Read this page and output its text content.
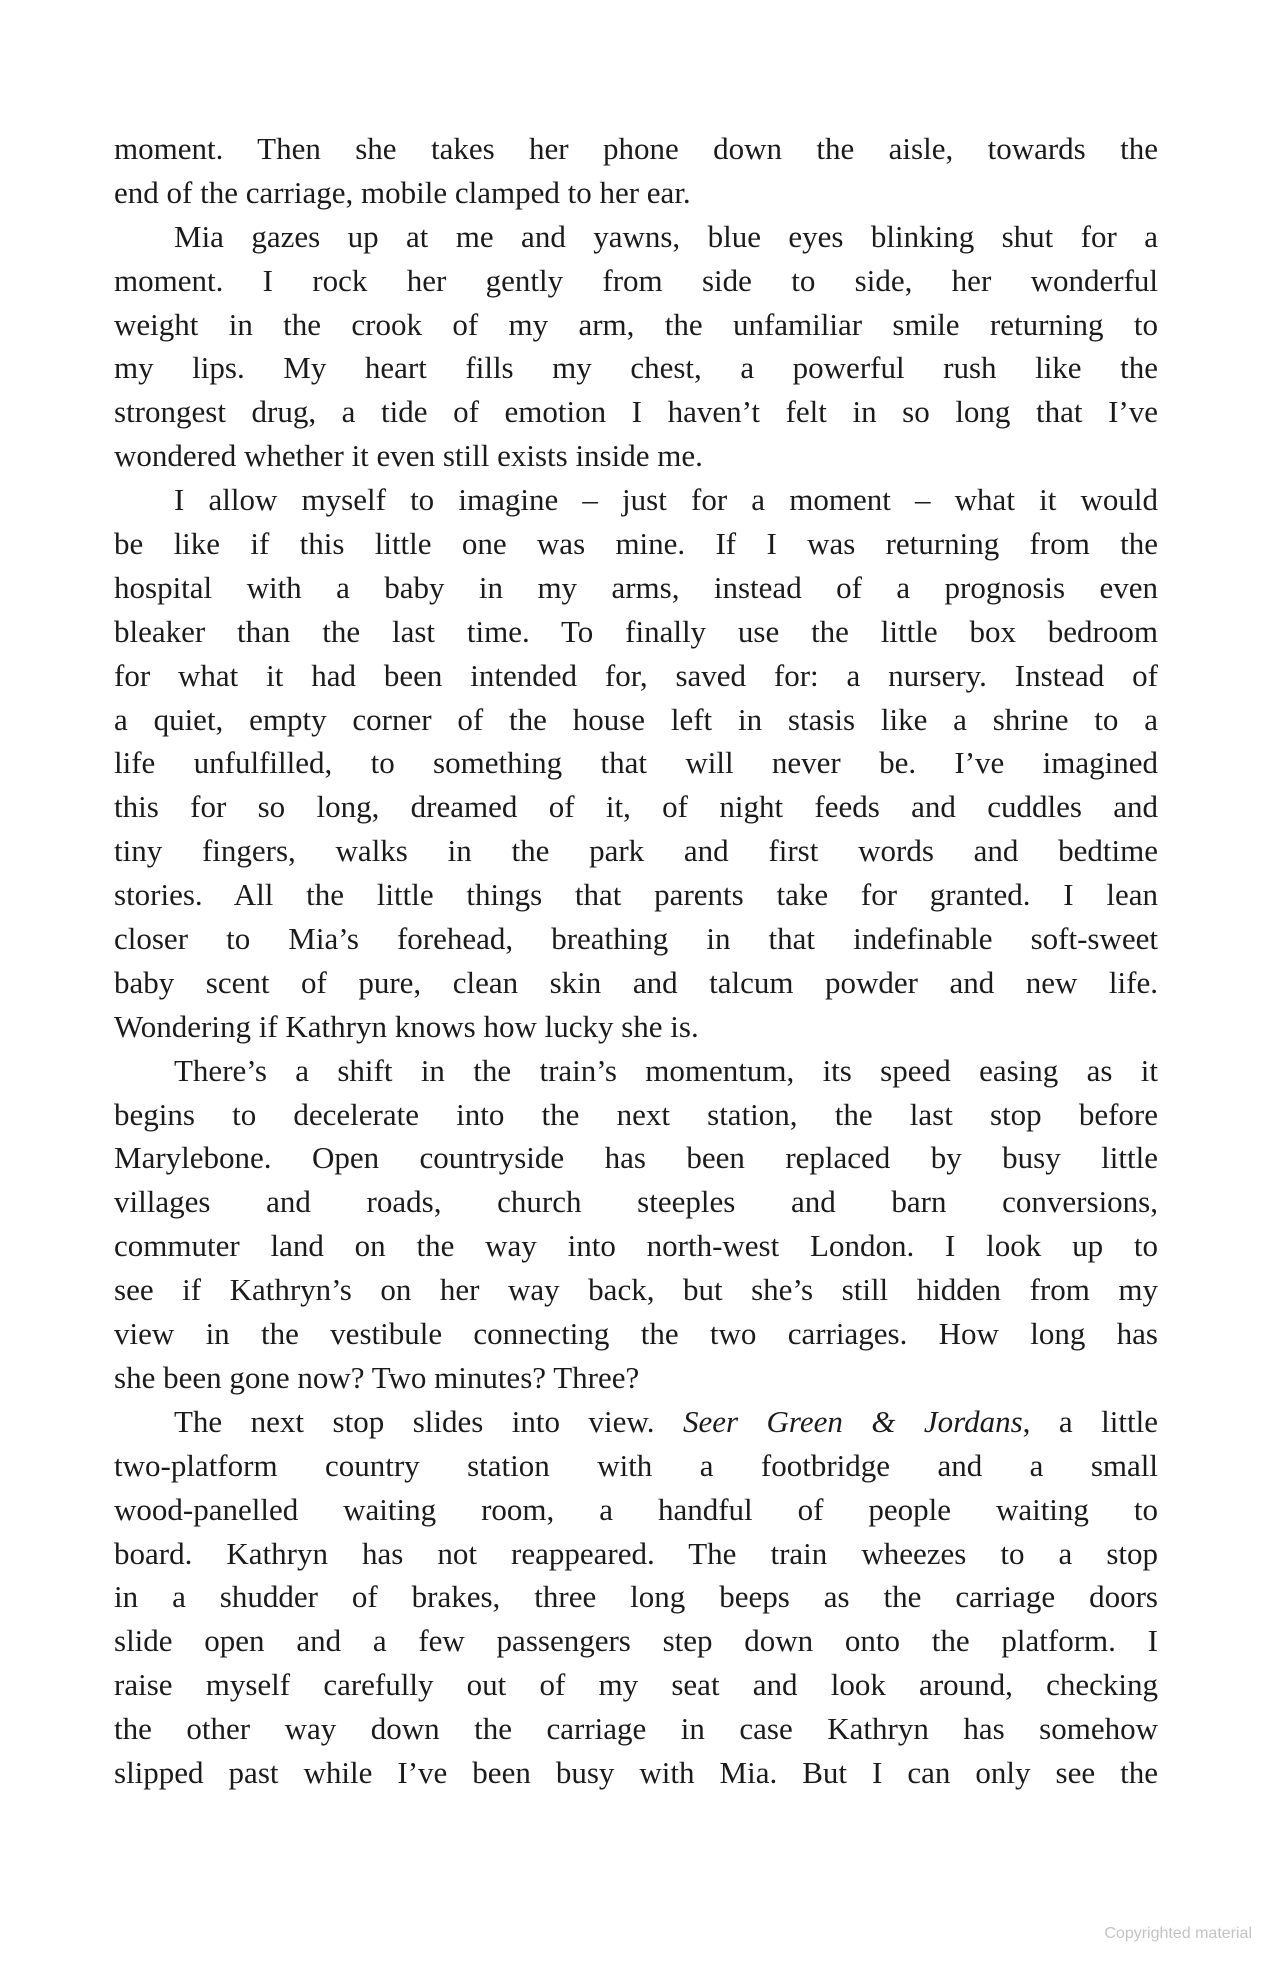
moment. Then she takes her phone down the aisle, towards the
end of the carriage, mobile clamped to her ear.
Mia gazes up at me and yawns, blue eyes blinking shut for a
moment. I rock her gently from side to side, her wonderful
weight in the crook of my arm, the unfamiliar smile returning to
my lips. My heart fills my chest, a powerful rush like the
strongest drug, a tide of emotion I haven’t felt in so long that I’ve
wondered whether it even still exists inside me.
I allow myself to imagine – just for a moment – what it would
be like if this little one was mine. If I was returning from the
hospital with a baby in my arms, instead of a prognosis even
bleaker than the last time. To finally use the little box bedroom
for what it had been intended for, saved for: a nursery. Instead of
a quiet, empty corner of the house left in stasis like a shrine to a
life unfulfilled, to something that will never be. I’ve imagined
this for so long, dreamed of it, of night feeds and cuddles and
tiny fingers, walks in the park and first words and bedtime
stories. All the little things that parents take for granted. I lean
closer to Mia’s forehead, breathing in that indefinable soft-sweet
baby scent of pure, clean skin and talcum powder and new life.
Wondering if Kathryn knows how lucky she is.
There’s a shift in the train’s momentum, its speed easing as it
begins to decelerate into the next station, the last stop before
Marylebone. Open countryside has been replaced by busy little
villages and roads, church steeples and barn conversions,
commuter land on the way into north-west London. I look up to
see if Kathryn’s on her way back, but she’s still hidden from my
view in the vestibule connecting the two carriages. How long has
she been gone now? Two minutes? Three?
The next stop slides into view. Seer Green & Jordans, a little
two-platform country station with a footbridge and a small
wood-panelled waiting room, a handful of people waiting to
board. Kathryn has not reappeared. The train wheezes to a stop
in a shudder of brakes, three long beeps as the carriage doors
slide open and a few passengers step down onto the platform. I
raise myself carefully out of my seat and look around, checking
the other way down the carriage in case Kathryn has somehow
slipped past while I’ve been busy with Mia. But I can only see the
Copyrighted material
